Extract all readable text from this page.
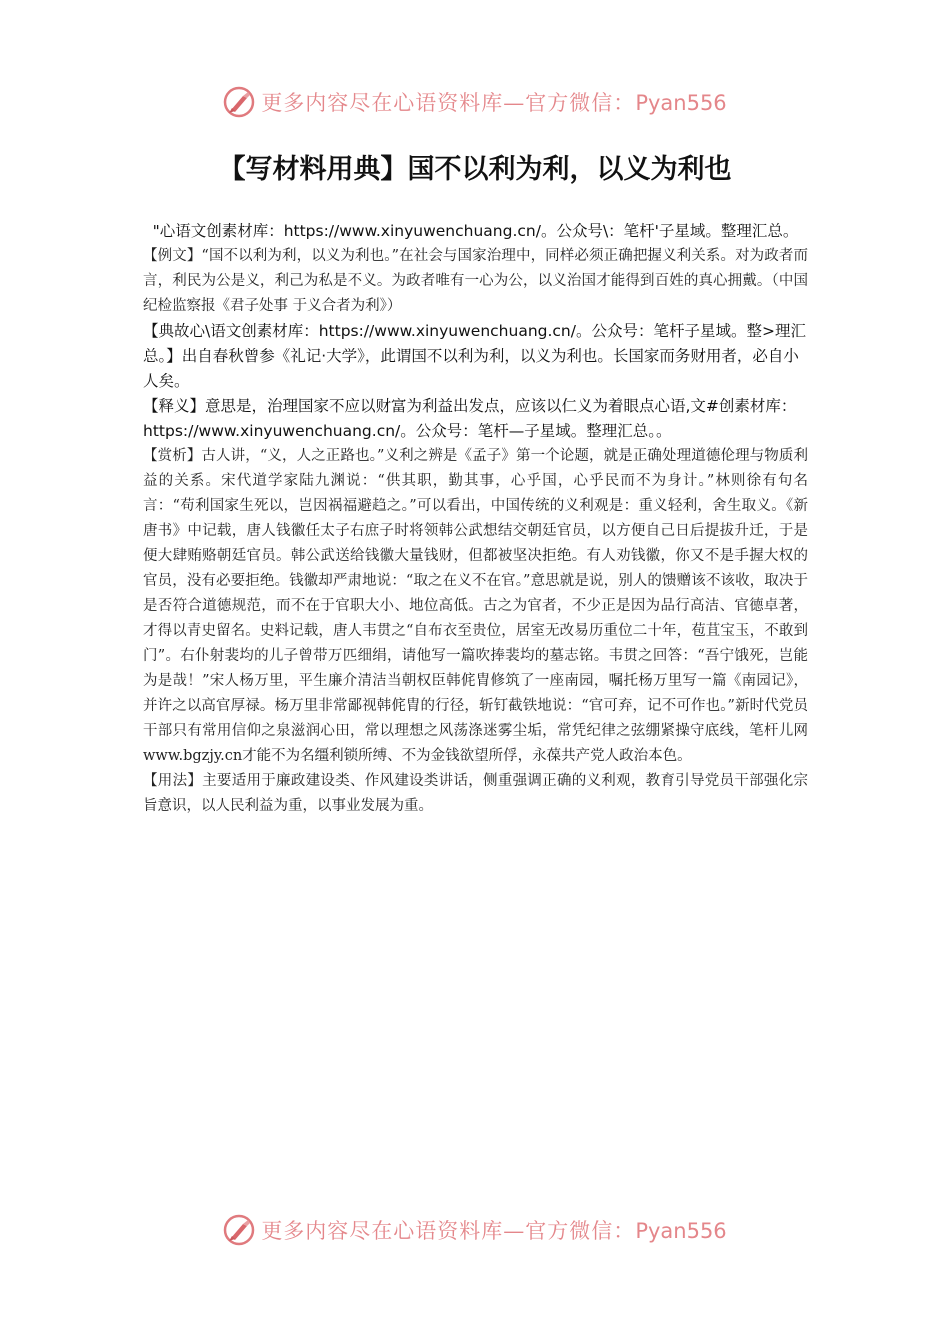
更多内容尽在心语资料库—官方微信：Pyan556
【写材料用典】国不以利为利，以义为利也

"心语文创素材库：https://www.xinyuwenchuang.cn/。公众号\：笔杆'子星域。整理汇总。

【例文】“国不以利为利，以义为利也。”在社会与国家治理中，同样必须正确把握义利关系。对为政者而言，利民为公是义，利己为私是不义。为政者唯有一心为公，以义治国才能得到百姓的真心拥戴。（中国纪检监察报《君子处事 于义合者为利》）

【典故心\语文创素材库：https://www.xinyuwenchuang.cn/。公众号：笔杆子星域。整>理汇总。】出自春秋曾参《礼记·大学》，此谓国不以利为利，以义为利也。长国家而务财用者，必自小人矣。

【释义】意思是，治理国家不应以财富为利益出发点，应该以仁义为着眼点心语,文#创素材库：https://www.xinyuwenchuang.cn/。公众号：笔杆—子星域。整理汇总。。

【赏析】古人讲，“义，人之正路也。”义利之辨是《孟子》第一个论题，就是正确处理道德伦理与物质利益的关系。宋代道学家陆九渊说：“供其职，勤其事，心乎国，心乎民而不为身计。”林则徐有句名言：“苟利国家生死以，岂因祸福避趋之。”可以看出，中国传统的义利观是：重义轻利，舍生取义。《新唐书》中记载，唐人钱徽任太子右庶子时将领韩公武想结交朝廷官员，以方便自己日后提拔升迁，于是便大肆贿赂朝廷官员。韩公武送给钱徽大量钱财，但都被坚决拒绝。有人劝钱徽，你又不是手握大权的官员，没有必要拒绝。钱徽却严肃地说：“取之在义不在官。”意思就是说，别人的馈赠该不该收，取决于是否符合道德规范，而不在于官职大小、地位高低。古之为官者，不少正是因为品行高洁、官德卓著，才得以青史留名。史料记载，唐人韦贯之“自布衣至贵位，居室无改易历重位二十年，苞苴宝玉，不敢到门”。右仆射裴均的儿子曾带万匹细绢，请他写一篇吹捧裴均的墓志铭。韦贯之回答：“吾宁饿死，岂能为是哉！”宋人杨万里，平生廉介清洁当朝权臣韩侂胄修筑了一座南园，嘱托杨万里写一篇《南园记》，并许之以高官厚禄。杨万里非常鄙视韩侂胄的行径，斩钉截铁地说：“官可弃，记不可作也。”新时代党员干部只有常用信仰之泉滋润心田，常以理想之风荡涤迷雾尘垢，常凭纪律之弦绷紧操守底线，笔杆儿网www.bgzjy.cn才能不为名缰利锁所缚、不为金钱欲望所俘，永葆共产党人政治本色。

【用法】主要适用于廉政建设类、作风建设类讲话，侧重强调正确的义利观，教育引导党员干部强化宗旨意识，以人民利益为重，以事业发展为重。

更多内容尽在心语资料库—官方微信：Pyan556
